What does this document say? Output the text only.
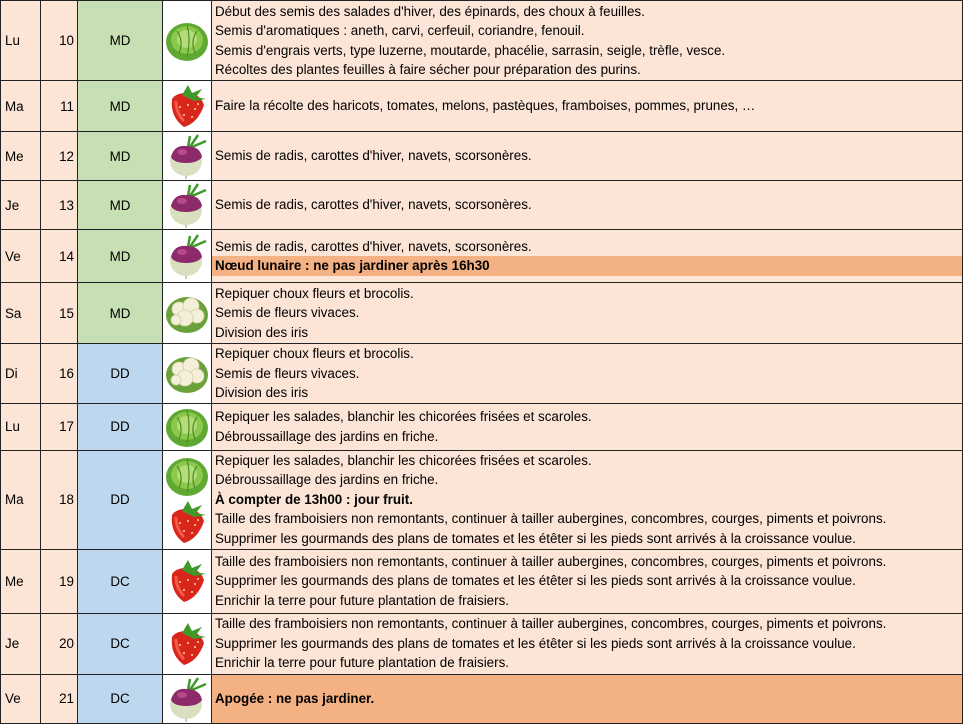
Lu	10	MD		Début des semis des salades d'hiver, des épinards, des choux à feuilles.
Semis d'aromatiques : aneth, carvi, cerfeuil, coriandre, fenouil.
Semis d'engrais verts, type luzerne, moutarde, phacélie, sarrasin, seigle, trèfle, vesce.
Récoltes des plantes feuilles à faire sécher pour préparation des purins.

Ma	11	MD		Faire la récolte des haricots, tomates, melons, pastèques, framboises, pommes, prunes, …

Me	12	MD		Semis de radis, carottes d'hiver, navets, scorsonères.

Je	13	MD		Semis de radis, carottes d'hiver, navets, scorsonères.

Ve	14	MD		Semis de radis, carottes d'hiver, navets, scorsonères.
Nœud lunaire : ne pas jardiner après 16h30

Sa	15	MD		Repiquer choux fleurs et brocolis.
Semis de fleurs vivaces.
Division des iris

Di	16	DD		Repiquer choux fleurs et brocolis.
Semis de fleurs vivaces.
Division des iris

Lu	17	DD		Repiquer les salades, blanchir les chicorées frisées et scaroles.
Débroussaillage des jardins en friche.

Ma	18	DD		Repiquer les salades, blanchir les chicorées frisées et scaroles.
Débroussaillage des jardins en friche.
À compter de 13h00 : jour fruit.
Taille des framboisiers non remontants, continuer à tailler aubergines, concombres, courges, piments et poivrons.
Supprimer les gourmands des plans de tomates et les étêter si les pieds sont arrivés à la croissance voulue.

Me	19	DC		Taille des framboisiers non remontants, continuer à tailler aubergines, concombres, courges, piments et poivrons.
Supprimer les gourmands des plans de tomates et les étêter si les pieds sont arrivés à la croissance voulue.
Enrichir la terre pour future plantation de fraisiers.

Je	20	DC		Taille des framboisiers non remontants, continuer à tailler aubergines, concombres, courges, piments et poivrons.
Supprimer les gourmands des plans de tomates et les étêter si les pieds sont arrivés à la croissance voulue.
Enrichir la terre pour future plantation de fraisiers.

Ve	21	DC		Apogée : ne pas jardiner.
